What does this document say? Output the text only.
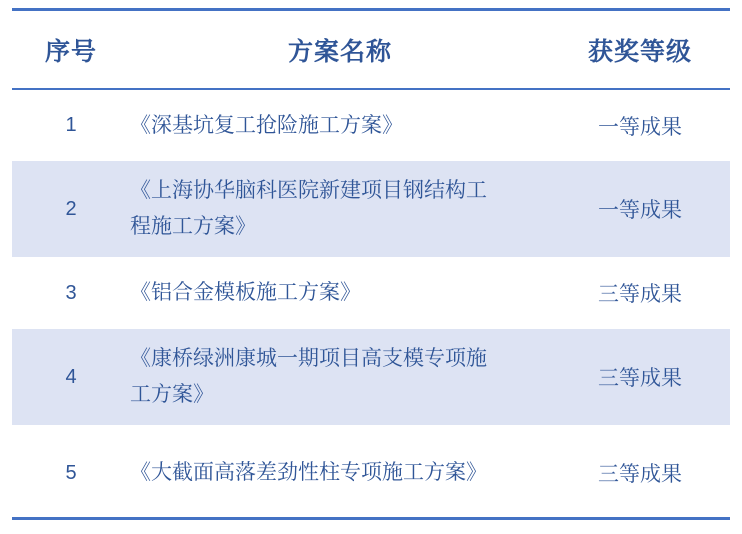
序号	方案名称	获奖等级
1	《深基坑复工抢险施工方案》	一等成果
2	《上海协华脑科医院新建项目钢结构工程施工方案》	一等成果
3	《铝合金模板施工方案》	三等成果
4	《康桥绿洲康城一期项目高支模专项施工方案》	三等成果
5	《大截面高落差劲性柱专项施工方案》	三等成果
